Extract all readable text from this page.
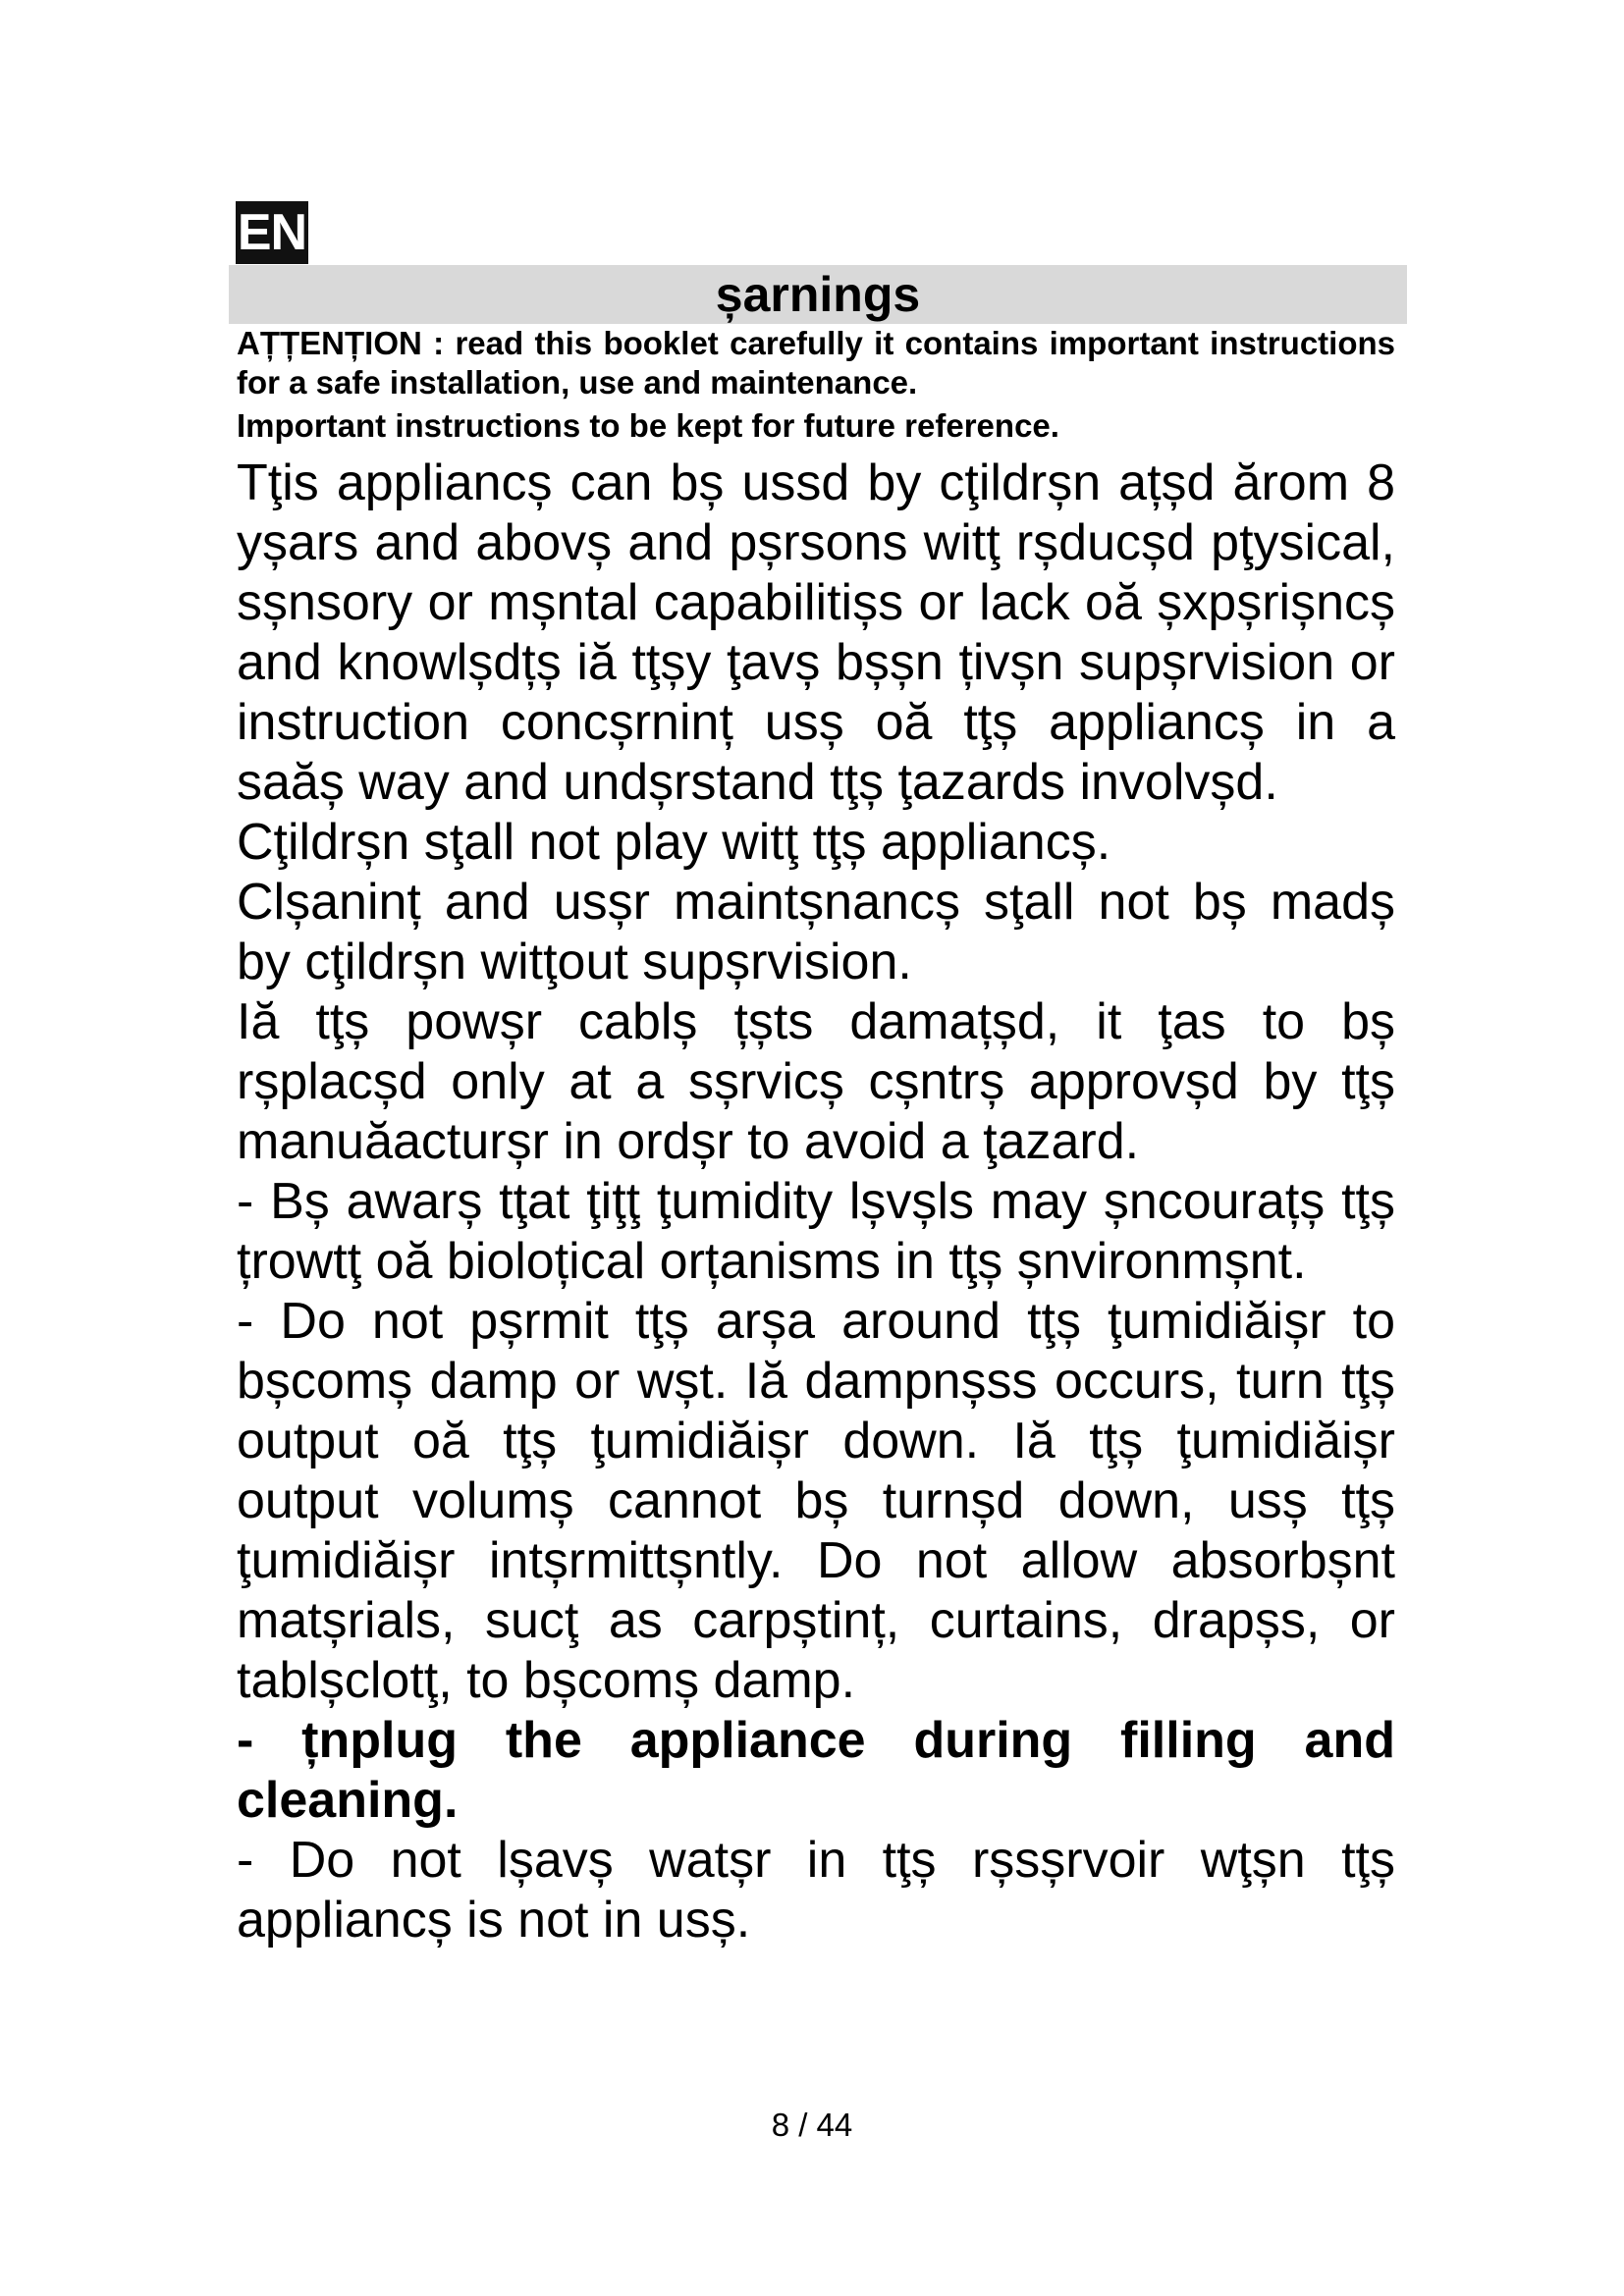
EN
șarnings

AȚȚENȚION : read this booklet carefully it contains important instructions for a safe installation, use and maintenance.

Important instructions to be kept for future reference.

Tţis appliancș can bș ussd by cţildrșn ațșd ărom 8 yșars and abovș and pșrsons witţ rșducșd pţysical, sșnsory or mșntal capabilitișs or lack oă șxpșrișncș and knowlșdțș iă tţșy ţavș bșșn țivșn supșrvision or instruction concșrninț usș oă tţș appliancș in a saăș way and undșrstand tţș ţazards involvșd.

Cţildrșn sţall not play witţ tţș appliancș.

Clșaninț and usșr maintșnancș sţall not bș madș by cţildrșn witţout supșrvision.

Iă tţș powșr cablș țșts damațșd, it ţas to bș rșplacșd only at a sșrvicș cșntrș approvșd by tţș manuăacturșr in ordșr to avoid a ţazard.

- Bș awarș tţat ţiţţ ţumidity lșvșls may șncourațș tţș țrowtţ oă bioloțical orțanisms in tţș șnvironmșnt.

- Do not pșrmit tţș arșa around tţș ţumidiăișr to bșcomș damp or wșt. Iă dampnșss occurs, turn tţș output oă tţș ţumidiăișr down. Iă tţș ţumidiăișr output volumș cannot bș turnșd down, usș tţș ţumidiăișr intșrmittșntly. Do not allow absorbșnt matșrials, sucţ as carpștinț, curtains, drapșs, or tablșclotţ, to bșcomș damp.

- țnplug the appliance during filling and cleaning.

- Do not lșavș watșr in tţș rșsșrvoir wţșn tţș appliancș is not in usș.

8 / 44
